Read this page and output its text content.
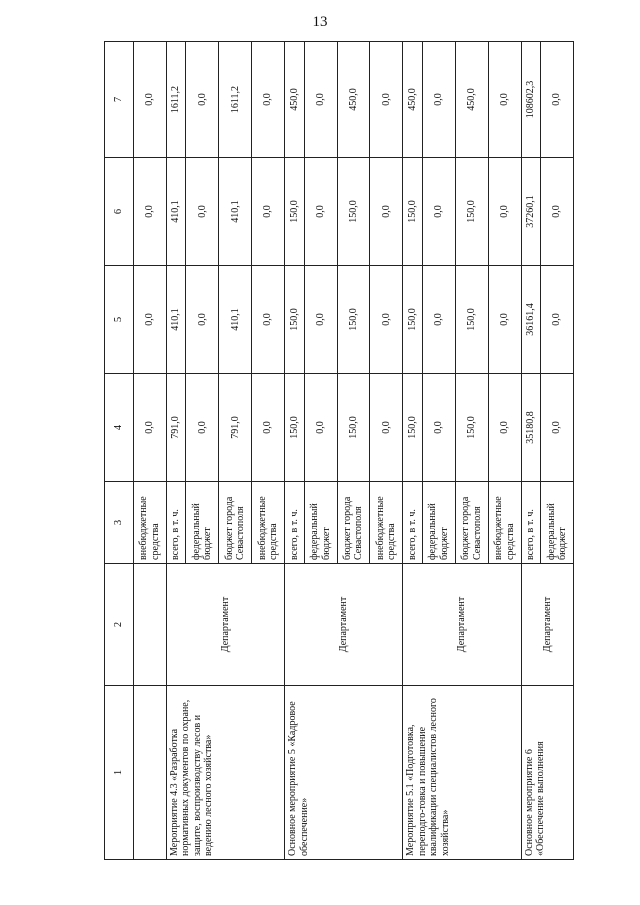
13
1	2	3	4	5	6	7
		внебюджетные средства	0,0	0,0	0,0	0,0
Мероприятие 4.3 «Разработка нормативных документов по охране, защите, воспроизводству лесов и ведению лесного хозяйства»	Департамент	всего, в т. ч.	791,0	410,1	410,1	1611,2
		федеральный бюджет	0,0	0,0	0,0	0,0
		бюджет города Севастополя	791,0	410,1	410,1	1611,2
		внебюджетные средства	0,0	0,0	0,0	0,0
Основное мероприятие 5 «Кадровое обеспечение»	Департамент	всего, в т. ч.	150,0	150,0	150,0	450,0
		федеральный бюджет	0,0	0,0	0,0	0,0
		бюджет города Севастополя	150,0	150,0	150,0	450,0
		внебюджетные средства	0,0	0,0	0,0	0,0
Мероприятие 5.1 «Подготовка, переподго-товка и повышение квалификации специалистов лесного хозяйства»	Департамент	всего, в т. ч.	150,0	150,0	150,0	450,0
		федеральный бюджет	0,0	0,0	0,0	0,0
		бюджет города Севастополя	150,0	150,0	150,0	450,0
		внебюджетные средства	0,0	0,0	0,0	0,0
Основное мероприятие 6 «Обеспечение выполнения	Департамент	всего, в т. ч.	35180,8	36161,4	37260,1	108602,3
		федеральный бюджет	0,0	0,0	0,0	0,0
